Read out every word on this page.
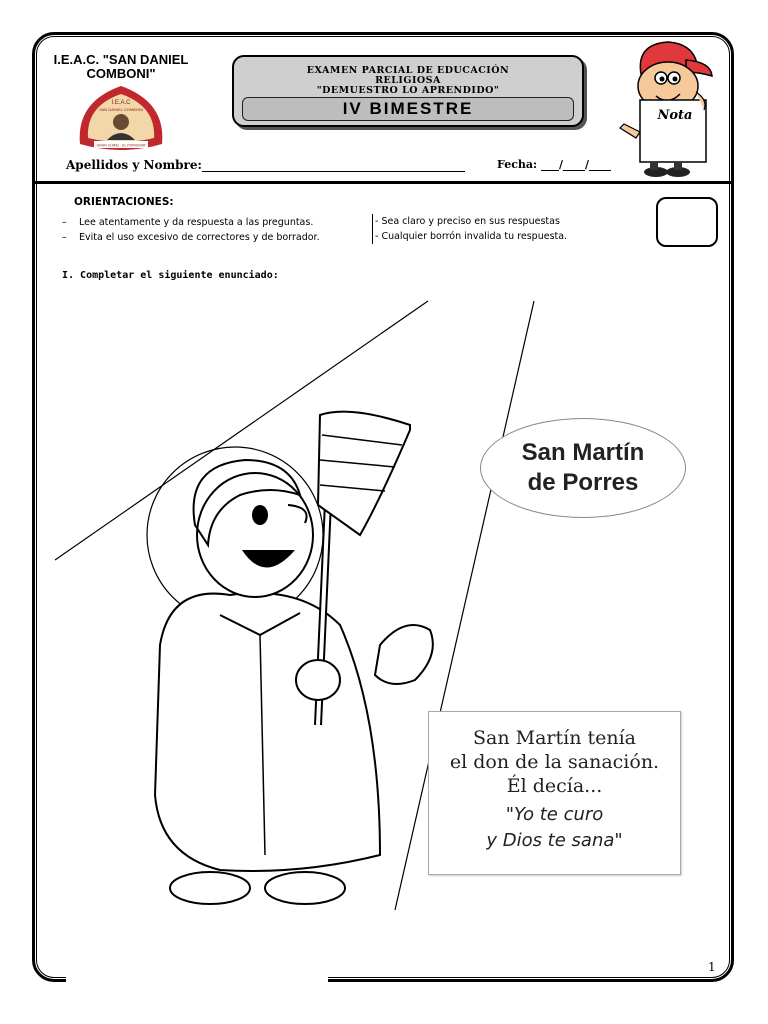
I.E.A.C. "SAN DANIEL
COMBONI"
I.E.A.C
SAN DANIEL COMBONI
GRAN CHIMÚ - EL PORVENIR
EXAMEN PARCIAL DE EDUCACIÓN
RELIGIOSA
"DEMUESTRO LO APRENDIDO"
IV BIMESTRE	Nota
Apellidos y Nombre:	Fecha: / /
ORIENTACIONES:
– Lee atentamente y da respuesta a las preguntas.
– Evita el uso excesivo de correctores y de borrador.
- Sea claro y preciso en sus respuestas
- Cualquier borrón invalida tu respuesta.
I. Completar el siguiente enunciado:
San Martín
de Porres
San Martín tenía
el don de la sanación.
Él decía...
"Yo te curo
y Dios te sana"
1
